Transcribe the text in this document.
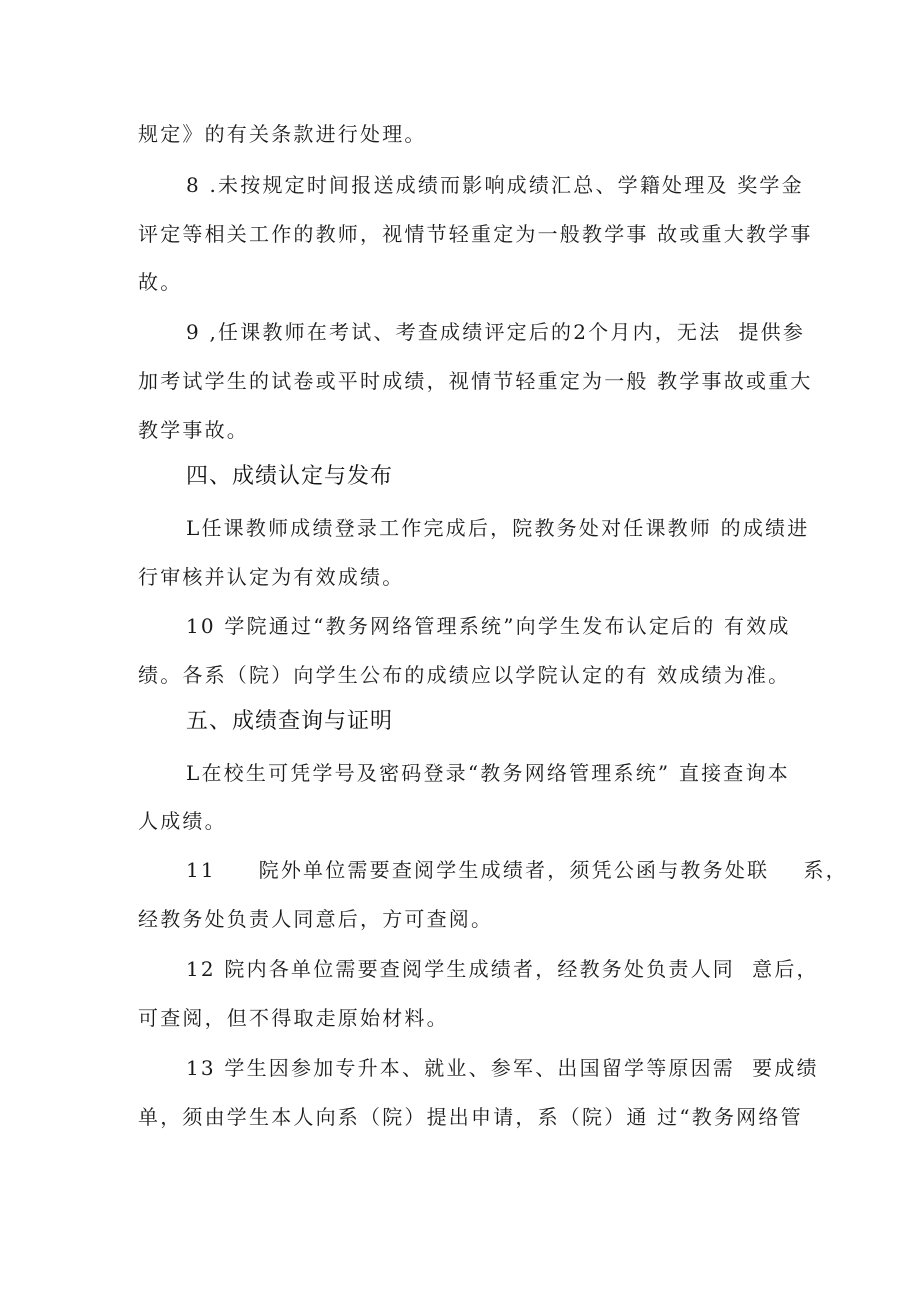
规定》的有关条款进行处理。
8 .未按规定时间报送成绩而影响成绩汇总、学籍处理及 奖学金
评定等相关工作的教师，视情节轻重定为一般教学事 故或重大教学事
故。
9 ,任课教师在考试、考查成绩评定后的2个月内，无法  提供参
加考试学生的试卷或平时成绩，视情节轻重定为一般 教学事故或重大
教学事故。
四、成绩认定与发布
L任课教师成绩登录工作完成后，院教务处对任课教师 的成绩进
行审核并认定为有效成绩。
10 学院通过“教务网络管理系统”向学生发布认定后的 有效成
绩。各系（院）向学生公布的成绩应以学院认定的有 效成绩为准。
五、成绩查询与证明
L在校生可凭学号及密码登录“教务网络管理系统” 直接查询本
人成绩。
11     院外单位需要查阅学生成绩者，须凭公函与教务处联    系，
经教务处负责人同意后，方可查阅。
12 院内各单位需要查阅学生成绩者，经教务处负责人同  意后，
可查阅，但不得取走原始材料。
13 学生因参加专升本、就业、参军、出国留学等原因需  要成绩
单，须由学生本人向系（院）提出申请，系（院）通 过“教务网络管
